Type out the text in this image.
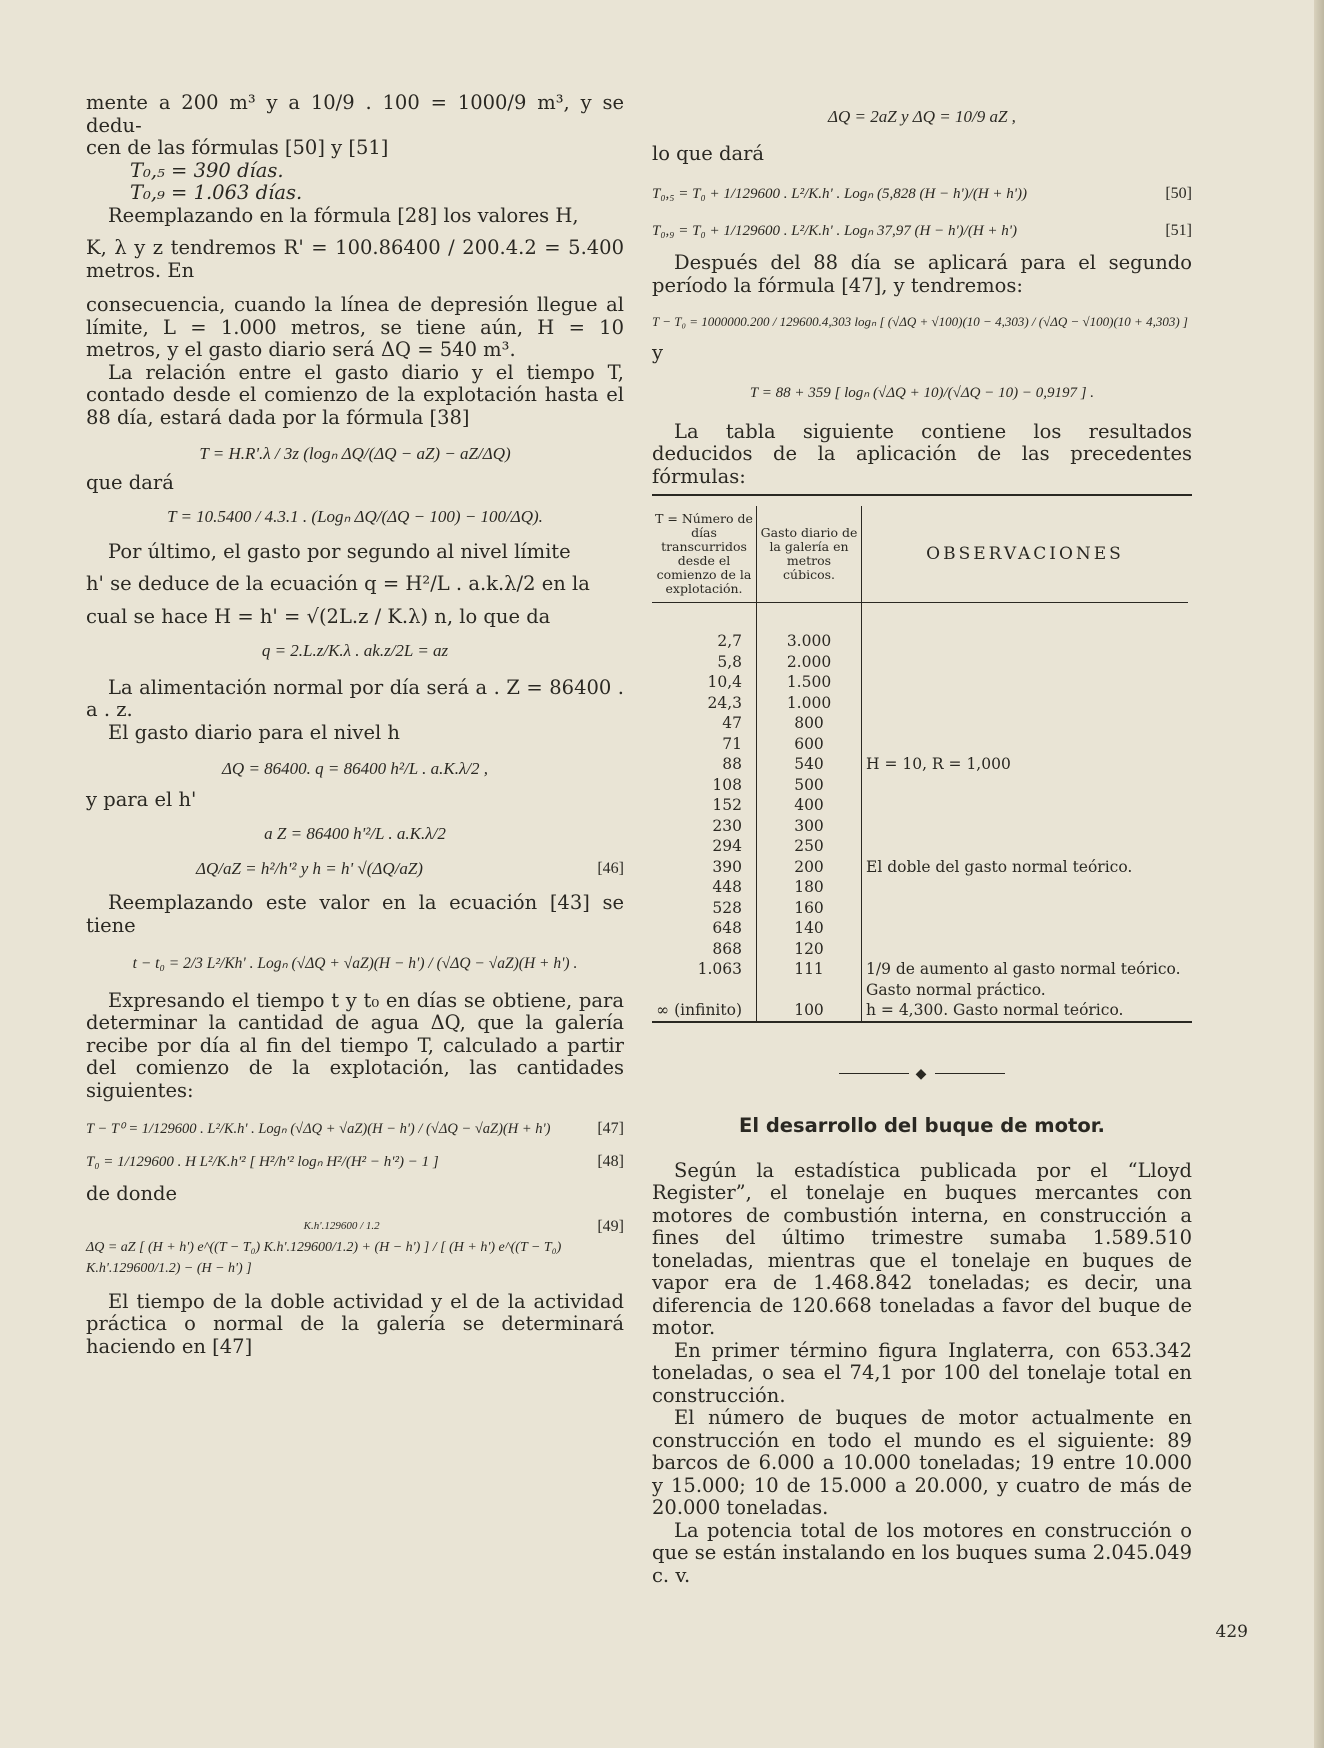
mente a 200 m³ y a 10/9 . 100 = 1000/9 m³, y se dedu-

cen de las fórmulas [50] y [51]

T₀,₅ = 390 días.

T₀,₉ = 1.063 días.

Reemplazando en la fórmula [28] los valores H,

K, λ y z tendremos R' = 100.86400 / 200.4.2 = 5.400 metros. En

consecuencia, cuando la línea de depresión llegue al límite, L = 1.000 metros, se tiene aún, H = 10 metros, y el gasto diario será ΔQ = 540 m³.

La relación entre el gasto diario y el tiempo T, contado desde el comienzo de la explotación hasta el 88 día, estará dada por la fórmula [38]

T = H.R'.λ / 3z (logₙ ΔQ/(ΔQ − aZ) − aZ/ΔQ)

que dará

T = 10.5400 / 4.3.1 . (Logₙ ΔQ/(ΔQ − 100) − 100/ΔQ).

Por último, el gasto por segundo al nivel límite

h' se deduce de la ecuación q = H²/L . a.k.λ/2 en la

cual se hace H = h' = √(2L.z / K.λ) n, lo que da

q = 2.L.z/K.λ . ak.z/2L = az

La alimentación normal por día será a . Z = 86400 . a . z.

El gasto diario para el nivel h

ΔQ = 86400. q = 86400 h²/L . a.K.λ/2 ,

y para el h'

a Z = 86400 h'²/L . a.K.λ/2

ΔQ/aZ = h²/h'² y h = h' √(ΔQ/aZ)	[46]

Reemplazando este valor en la ecuación [43] se tiene

t − t₀ = 2/3 L²/Kh' . Logₙ (√ΔQ + √aZ)(H − h') / (√ΔQ − √aZ)(H + h') .

Expresando el tiempo t y t₀ en días se obtiene, para determinar la cantidad de agua ΔQ, que la galería recibe por día al fin del tiempo T, calculado a partir del comienzo de la explotación, las cantidades siguientes:

T − T⁰ = 1/129600 . L²/K.h' . Logₙ (√ΔQ + √aZ)(H − h') / (√ΔQ − √aZ)(H + h')	[47]

T₀ = 1/129600 . H L²/K.h'² [ H²/h'² logₙ H²/(H² − h'²) − 1 ]	[48]

de donde

[49]
K.h'.129600 / 1.2
ΔQ = aZ [ (H + h') e^((T − T₀) K.h'.129600/1.2) + (H − h') ] / [ (H + h') e^((T − T₀) K.h'.129600/1.2) − (H − h') ]

El tiempo de la doble actividad y el de la actividad práctica o normal de la galería se determinará haciendo en [47]

ΔQ = 2aZ y ΔQ = 10/9 aZ ,

lo que dará

T₀,₅ = T₀ + 1/129600 . L²/K.h' . Logₙ (5,828 (H − h')/(H + h'))	[50]

T₀,₉ = T₀ + 1/129600 . L²/K.h' . Logₙ 37,97 (H − h')/(H + h')	[51]

Después del 88 día se aplicará para el segundo período la fórmula [47], y tendremos:

T − T₀ = 1000000.200 / 129600.4,303 logₙ [ (√ΔQ + √100)(10 − 4,303) / (√ΔQ − √100)(10 + 4,303) ]

y

T = 88 + 359 [ logₙ (√ΔQ + 10)/(√ΔQ − 10) − 0,9197 ] .

La tabla siguiente contiene los resultados deducidos de la aplicación de las precedentes fórmulas:

T = Número de días transcurridos desde el comienzo de la explotación.	Gasto diario de la galería en metros cúbicos.	OBSERVACIONES
2,7	3.000	
5,8	2.000	
10,4	1.500	
24,3	1.000	
47	800	
71	600	
88	540	H = 10, R = 1,000
108	500	
152	400	
230	300	
294	250	
390	200	El doble del gasto normal teórico.
448	180	
528	160	
648	140	
868	120	
1.063	111	1/9 de aumento al gasto normal teórico. Gasto normal práctico.
∞ (infinito)	100	h = 4,300. Gasto normal teórico.
◆
El desarrollo del buque de motor.

Según la estadística publicada por el “Lloyd Register”, el tonelaje en buques mercantes con motores de combustión interna, en construcción a fines del último trimestre sumaba 1.589.510 toneladas, mientras que el tonelaje en buques de vapor era de 1.468.842 toneladas; es decir, una diferencia de 120.668 toneladas a favor del buque de motor.

En primer término figura Inglaterra, con 653.342 toneladas, o sea el 74,1 por 100 del tonelaje total en construcción.

El número de buques de motor actualmente en construcción en todo el mundo es el siguiente: 89 barcos de 6.000 a 10.000 toneladas; 19 entre 10.000 y 15.000; 10 de 15.000 a 20.000, y cuatro de más de 20.000 toneladas.

La potencia total de los motores en construcción o que se están instalando en los buques suma 2.045.049 c. v.

429
